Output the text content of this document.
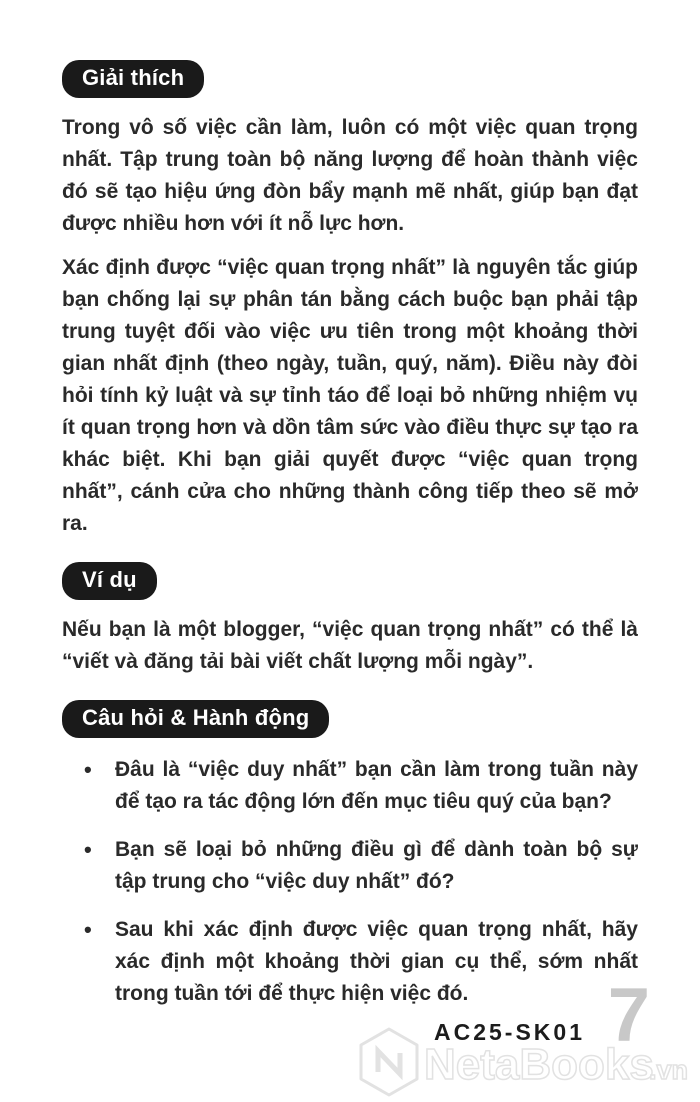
Giải thích

Trong vô số việc cần làm, luôn có một việc quan trọng nhất. Tập trung toàn bộ năng lượng để hoàn thành việc đó sẽ tạo hiệu ứng đòn bẩy mạnh mẽ nhất, giúp bạn đạt được nhiều hơn với ít nỗ lực hơn.

Xác định được “việc quan trọng nhất” là nguyên tắc giúp bạn chống lại sự phân tán bằng cách buộc bạn phải tập trung tuyệt đối vào việc ưu tiên trong một khoảng thời gian nhất định (theo ngày, tuần, quý, năm). Điều này đòi hỏi tính kỷ luật và sự tỉnh táo để loại bỏ những nhiệm vụ ít quan trọng hơn và dồn tâm sức vào điều thực sự tạo ra khác biệt. Khi bạn giải quyết được “việc quan trọng nhất”, cánh cửa cho những thành công tiếp theo sẽ mở ra.

Ví dụ

Nếu bạn là một blogger, “việc quan trọng nhất” có thể là “viết và đăng tải bài viết chất lượng mỗi ngày”.

Câu hỏi & Hành động
• Đâu là “việc duy nhất” bạn cần làm trong tuần này để tạo ra tác động lớn đến mục tiêu quý của bạn?
• Bạn sẽ loại bỏ những điều gì để dành toàn bộ sự tập trung cho “việc duy nhất” đó?
• Sau khi xác định được việc quan trọng nhất, hãy xác định một khoảng thời gian cụ thể, sớm nhất trong tuần tới để thực hiện việc đó.
AC25-SK01 7
NetaBooks
.vn
